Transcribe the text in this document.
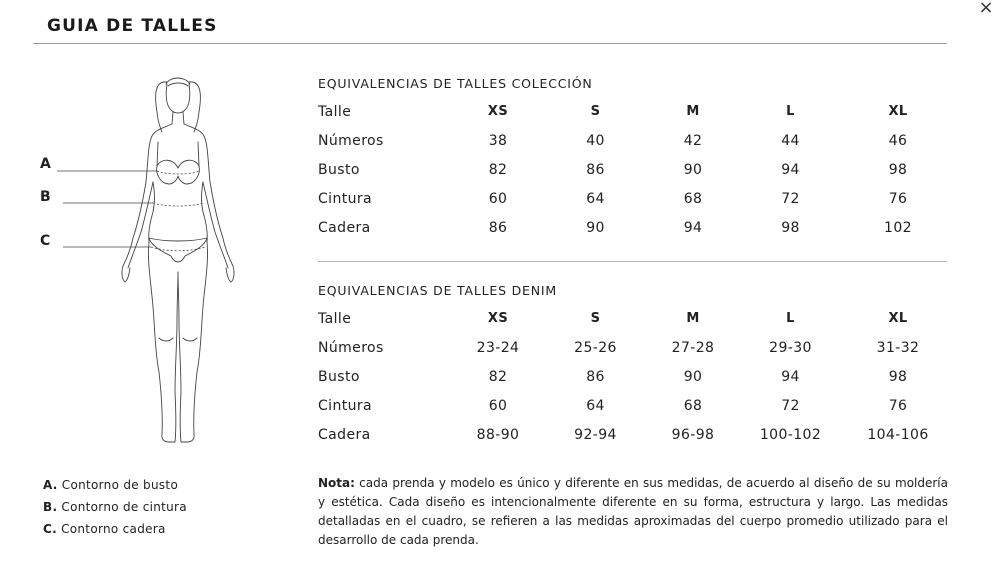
GUIA DE TALLES
×
A
B
C
EQUIVALENCIAS DE TALLES COLECCIÓN
Talle	XS	S	M	L	XL
Números	38	40	42	44	46
Busto	82	86	90	94	98
Cintura	60	64	68	72	76
Cadera	86	90	94	98	102
EQUIVALENCIAS DE TALLES DENIM
Talle	XS	S	M	L	XL
Números	23-24	25-26	27-28	29-30	31-32
Busto	82	86	90	94	98
Cintura	60	64	68	72	76
Cadera	88-90	92-94	96-98	100-102	104-106
A. Contorno de busto
B. Contorno de cintura
C. Contorno cadera
Nota: cada prenda y modelo es único y diferente en sus medidas, de acuerdo al diseño de su moldería y estética. Cada diseño es intencionalmente diferente en su forma, estructura y largo. Las medidas detalladas en el cuadro, se refieren a las medidas aproximadas del cuerpo promedio utilizado para el desarrollo de cada prenda.
